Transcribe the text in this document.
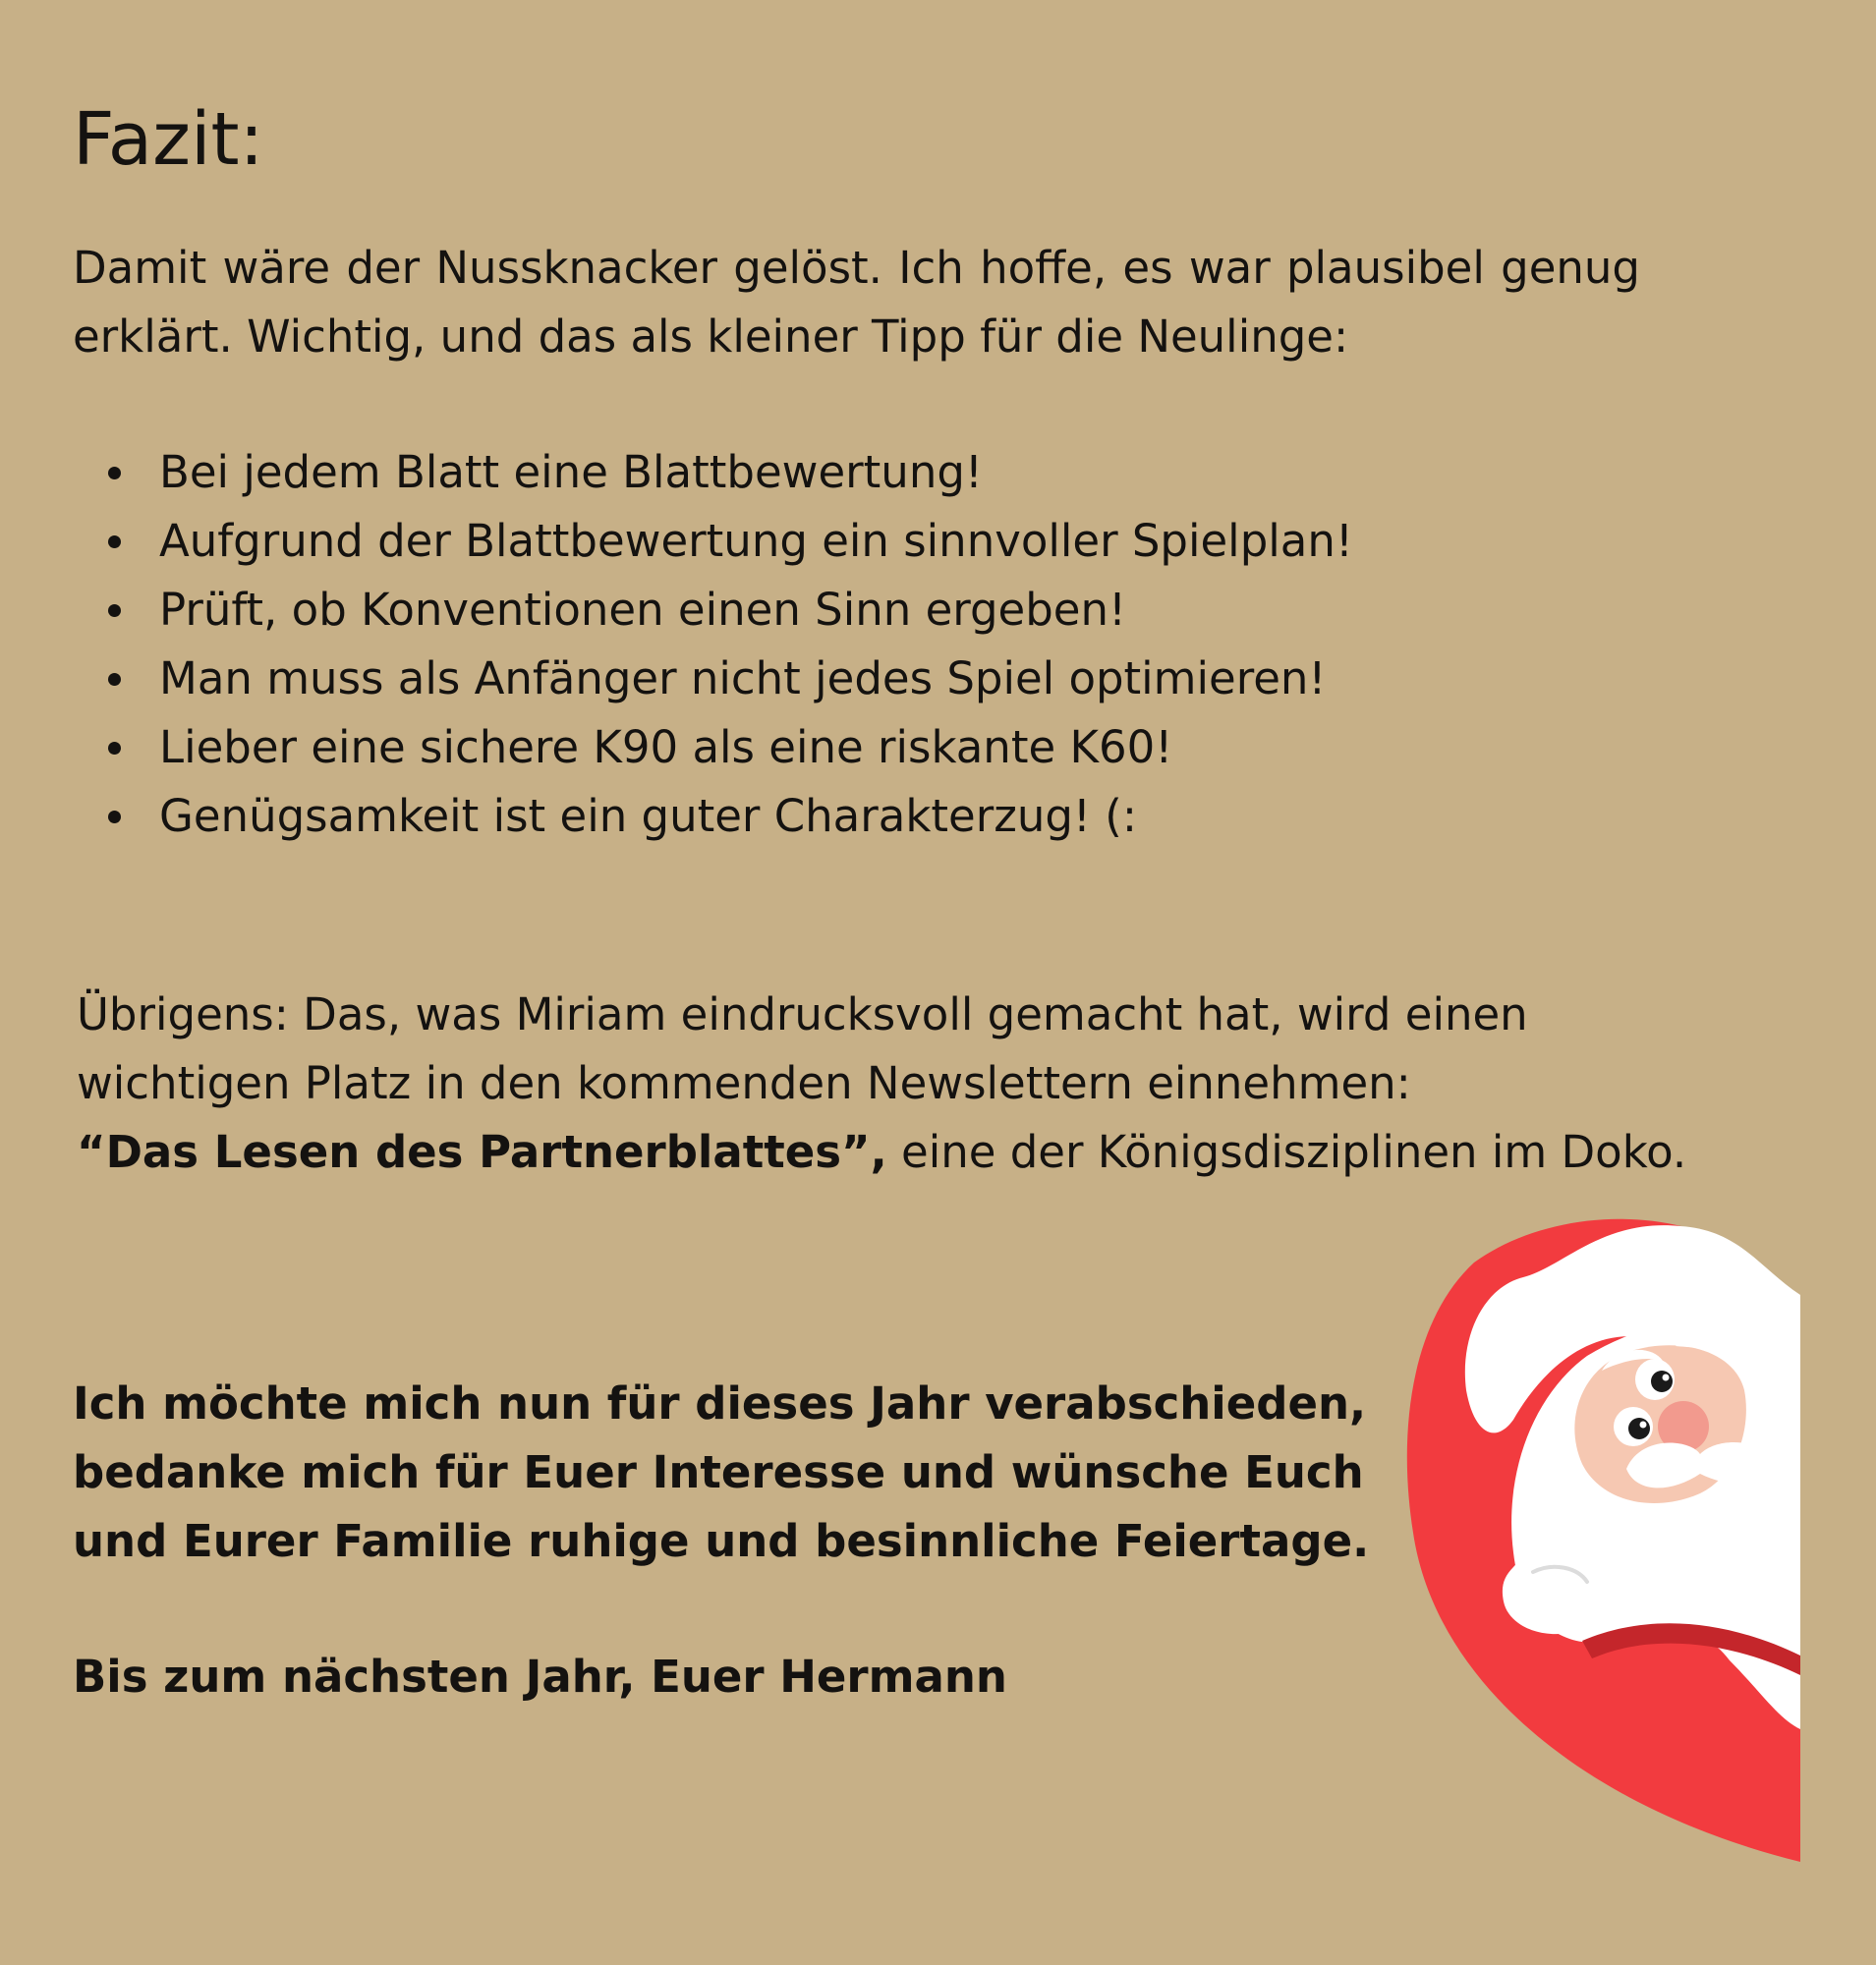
Fazit:

Damit wäre der Nussknacker gelöst. Ich hoffe, es war plausibel genug erklärt. Wichtig, und das als kleiner Tipp für die Neulinge:

Bei jedem Blatt eine Blattbewertung!
Aufgrund der Blattbewertung ein sinnvoller Spielplan!
Prüft, ob Konventionen einen Sinn ergeben!
Man muss als Anfänger nicht jedes Spiel optimieren!
Lieber eine sichere K90 als eine riskante K60!
Genügsamkeit ist ein guter Charakterzug! (:

Übrigens: Das, was Miriam eindrucksvoll gemacht hat, wird einen wichtigen Platz in den kommenden Newslettern einnehmen:
“Das Lesen des Partnerblattes”, eine der Königsdisziplinen im Doko.

Ich möchte mich nun für dieses Jahr verabschieden, bedanke mich für Euer Interesse und wünsche Euch und Eurer Familie ruhige und besinnliche Feiertage.

Bis zum nächsten Jahr, Euer Hermann
